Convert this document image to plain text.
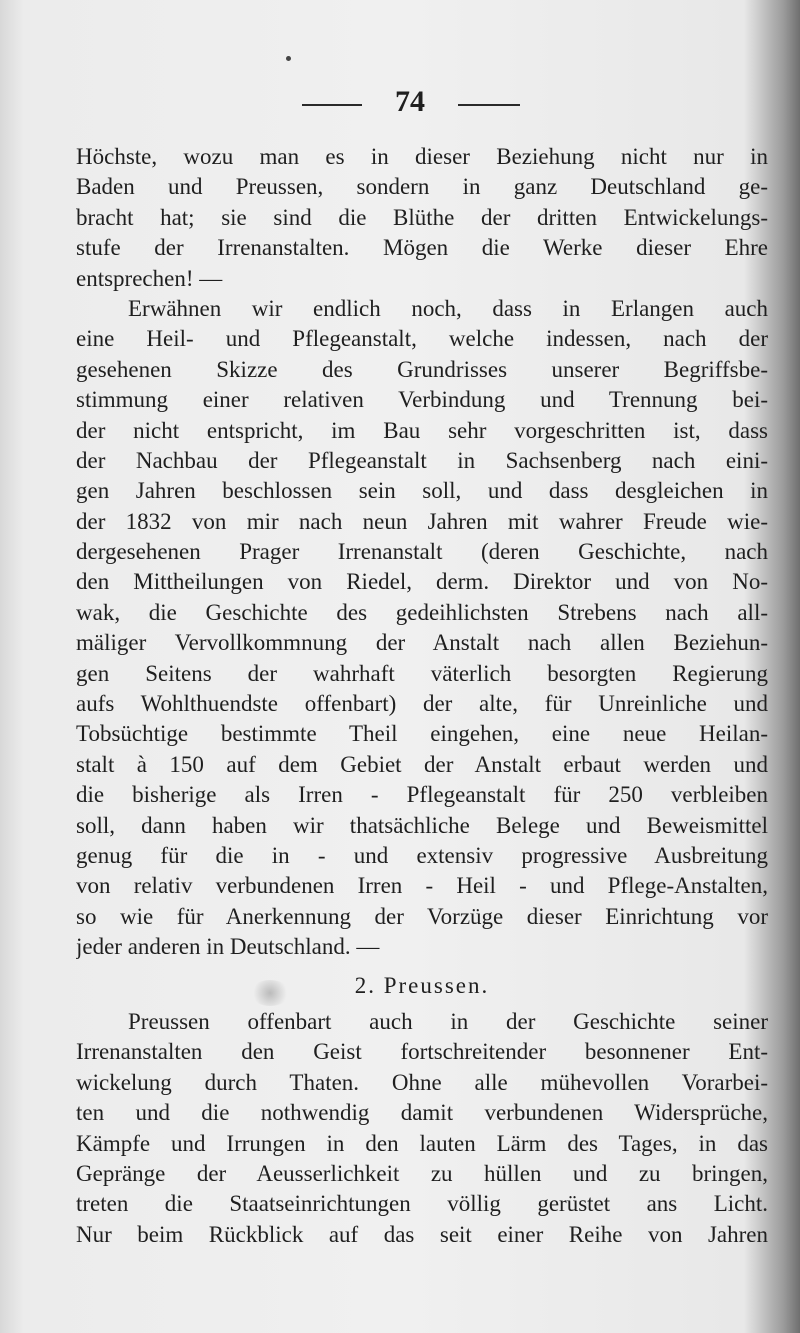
74
Höchste, wozu man es in dieser Beziehung nicht nur in
Baden und Preussen, sondern in ganz Deutschland ge-
bracht hat; sie sind die Blüthe der dritten Entwickelungs-
stufe der Irrenanstalten. Mögen die Werke dieser Ehre
entsprechen! —
Erwähnen wir endlich noch, dass in Erlangen auch
eine Heil- und Pflegeanstalt, welche indessen, nach der
gesehenen Skizze des Grundrisses unserer Begriffsbe-
stimmung einer relativen Verbindung und Trennung bei-
der nicht entspricht, im Bau sehr vorgeschritten ist, dass
der Nachbau der Pflegeanstalt in Sachsenberg nach eini-
gen Jahren beschlossen sein soll, und dass desgleichen in
der 1832 von mir nach neun Jahren mit wahrer Freude wie-
dergesehenen Prager Irrenanstalt (deren Geschichte, nach
den Mittheilungen von Riedel, derm. Direktor und von No-
wak, die Geschichte des gedeihlichsten Strebens nach all-
mäliger Vervollkommnung der Anstalt nach allen Beziehun-
gen Seitens der wahrhaft väterlich besorgten Regierung
aufs Wohlthuendste offenbart) der alte, für Unreinliche und
Tobsüchtige bestimmte Theil eingehen, eine neue Heilan-
stalt à 150 auf dem Gebiet der Anstalt erbaut werden und
die bisherige als Irren - Pflegeanstalt für 250 verbleiben
soll, dann haben wir thatsächliche Belege und Beweismittel
genug für die in - und extensiv progressive Ausbreitung
von relativ verbundenen Irren - Heil - und Pflege-Anstalten,
so wie für Anerkennung der Vorzüge dieser Einrichtung vor
jeder anderen in Deutschland. —
2. Preussen.
Preussen offenbart auch in der Geschichte seiner
Irrenanstalten den Geist fortschreitender besonnener Ent-
wickelung durch Thaten. Ohne alle mühevollen Vorarbei-
ten und die nothwendig damit verbundenen Widersprüche,
Kämpfe und Irrungen in den lauten Lärm des Tages, in das
Gepränge der Aeusserlichkeit zu hüllen und zu bringen,
treten die Staatseinrichtungen völlig gerüstet ans Licht.
Nur beim Rückblick auf das seit einer Reihe von Jahren
